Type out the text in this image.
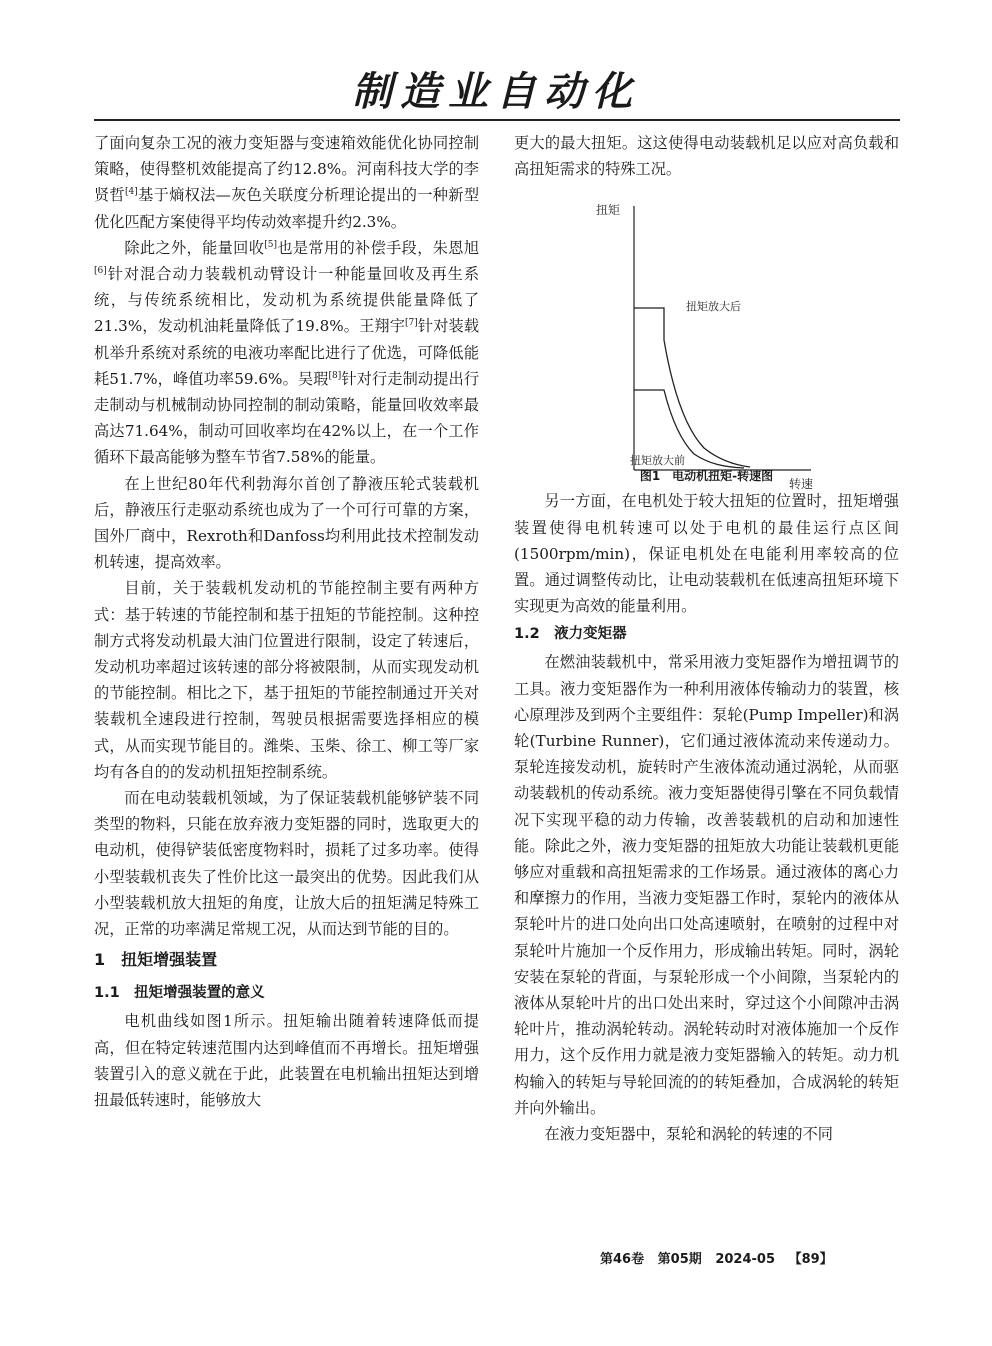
制造业自动化

了面向复杂工况的液力变矩器与变速箱效能优化协同控制策略，使得整机效能提高了约12.8%。河南科技大学的李贤哲[4]基于熵权法—灰色关联度分析理论提出的一种新型优化匹配方案使得平均传动效率提升约2.3%。

除此之外，能量回收[5]也是常用的补偿手段，朱恩旭[6]针对混合动力装载机动臂设计一种能量回收及再生系统，与传统系统相比，发动机为系统提供能量降低了21.3%，发动机油耗量降低了19.8%。王翔宇[7]针对装载机举升系统对系统的电液功率配比进行了优选，可降低能耗51.7%，峰值功率59.6%。吴瑕[8]针对行走制动提出行走制动与机械制动协同控制的制动策略，能量回收效率最高达71.64%，制动可回收率均在42%以上，在一个工作循环下最高能够为整车节省7.58%的能量。

在上世纪80年代利勃海尔首创了静液压轮式装载机后，静液压行走驱动系统也成为了一个可行可靠的方案，国外厂商中，Rexroth和Danfoss均利用此技术控制发动机转速，提高效率。

目前，关于装载机发动机的节能控制主要有两种方式：基于转速的节能控制和基于扭矩的节能控制。这种控制方式将发动机最大油门位置进行限制，设定了转速后，发动机功率超过该转速的部分将被限制，从而实现发动机的节能控制。相比之下，基于扭矩的节能控制通过开关对装载机全速段进行控制，驾驶员根据需要选择相应的模式，从而实现节能目的。潍柴、玉柴、徐工、柳工等厂家均有各自的的发动机扭矩控制系统。

而在电动装载机领域，为了保证装载机能够铲装不同类型的物料，只能在放弃液力变矩器的同时，选取更大的电动机，使得铲装低密度物料时，损耗了过多功率。使得小型装载机丧失了性价比这一最突出的优势。因此我们从小型装载机放大扭矩的角度，让放大后的扭矩满足特殊工况，正常的功率满足常规工况，从而达到节能的目的。

1　扭矩增强装置
1.1　扭矩增强装置的意义

电机曲线如图1所示。扭矩输出随着转速降低而提高，但在特定转速范围内达到峰值而不再增长。扭矩增强装置引入的意义就在于此，此装置在电机输出扭矩达到增扭最低转速时，能够放大

更大的最大扭矩。这这使得电动装载机足以应对高负载和高扭矩需求的特殊工况。

扭矩
转速
扭矩放大后
扭矩放大前
图1　电动机扭矩-转速图

另一方面，在电机处于较大扭矩的位置时，扭矩增强装置使得电机转速可以处于电机的最佳运行点区间(1500rpm/min)，保证电机处在电能利用率较高的位置。通过调整传动比，让电动装载机在低速高扭矩环境下实现更为高效的能量利用。

1.2　液力变矩器

在燃油装载机中，常采用液力变矩器作为增扭调节的工具。液力变矩器作为一种利用液体传输动力的装置，核心原理涉及到两个主要组件：泵轮(Pump Impeller)和涡轮(Turbine Runner)，它们通过液体流动来传递动力。泵轮连接发动机，旋转时产生液体流动通过涡轮，从而驱动装载机的传动系统。液力变矩器使得引擎在不同负载情况下实现平稳的动力传输，改善装载机的启动和加速性能。除此之外，液力变矩器的扭矩放大功能让装载机更能够应对重载和高扭矩需求的工作场景。通过液体的离心力和摩擦力的作用，当液力变矩器工作时，泵轮内的液体从泵轮叶片的进口处向出口处高速喷射，在喷射的过程中对泵轮叶片施加一个反作用力，形成输出转矩。同时，涡轮安装在泵轮的背面，与泵轮形成一个小间隙，当泵轮内的液体从泵轮叶片的出口处出来时，穿过这个小间隙冲击涡轮叶片，推动涡轮转动。涡轮转动时对液体施加一个反作用力，这个反作用力就是液力变矩器输入的转矩。动力机构输入的转矩与导轮回流的的转矩叠加，合成涡轮的转矩并向外输出。

在液力变矩器中，泵轮和涡轮的转速的不同

第46卷 第05期 2024-05 【89】
